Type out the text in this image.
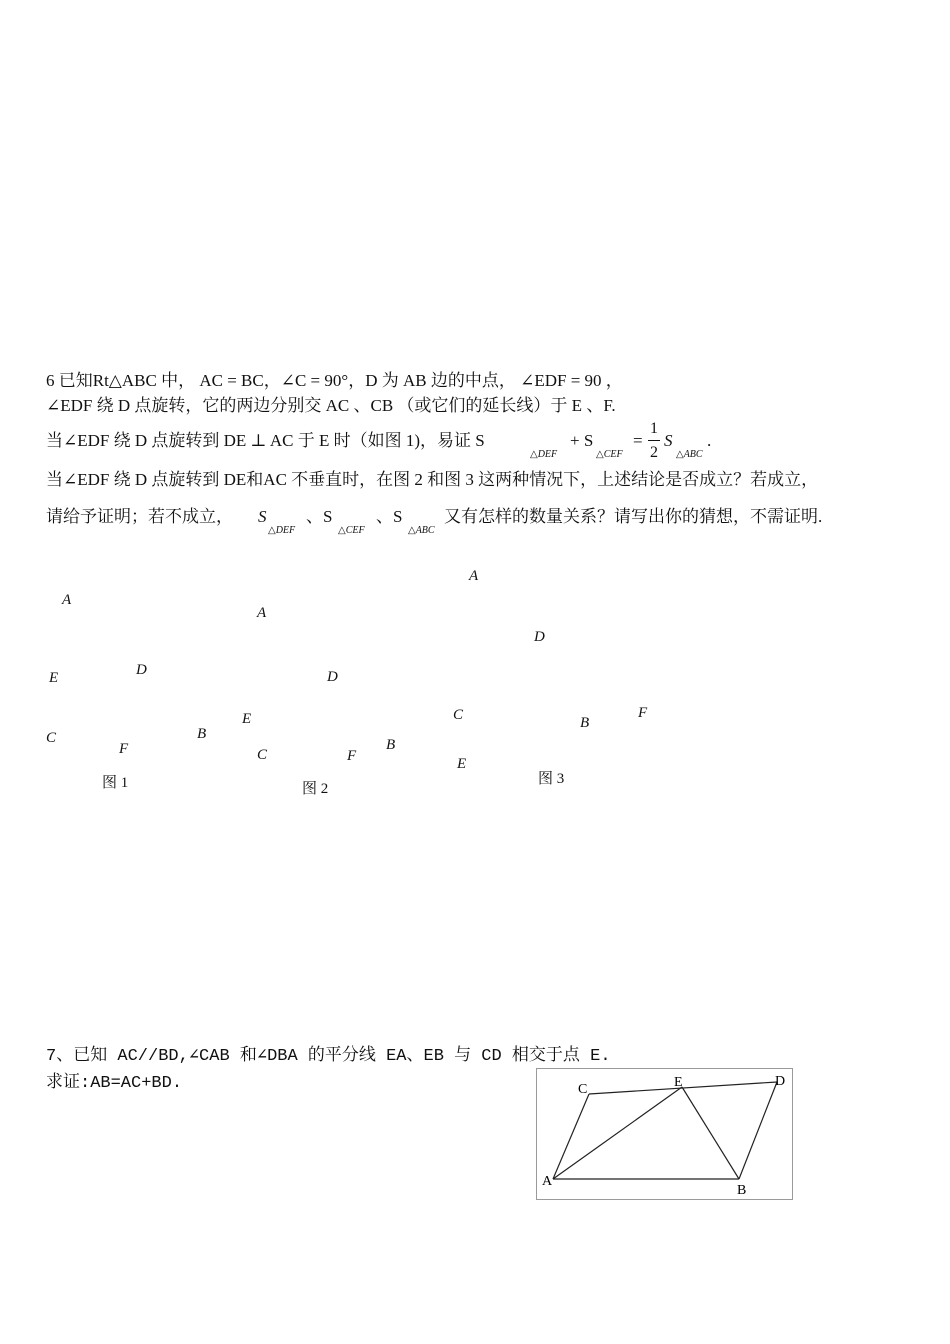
6 已知Rt△ABC 中， AC = BC，∠C = 90°，D 为 AB 边的中点， ∠EDF = 90 ，
∠EDF 绕 D 点旋转，它的两边分别交 AC 、CB （或它们的延长线）于 E 、F.
当∠EDF 绕 D 点旋转到 DE ⊥ AC 于 E 时（如图 1)，易证 S
△DEF
+ S
△CEF
=
1
2
S
△ABC
.
当∠EDF 绕 D 点旋转到 DE和AC 不垂直时，在图 2 和图 3 这两种情况下，上述结论是否成立？若成立，
请给予证明；若不成立， S
△DEF
、S
△CEF
、S
△ABC
又有怎样的数量关系？请写出你的猜想，不需证明.
A
D
E
C
F
B
图 1
A
D
E
C	F
B
图 2
A
D
C	B
F
E
图 3
7、已知 AC//BD,∠CAB 和∠DBA 的平分线 EA、EB 与 CD 相交于点 E.
求证:AB=AC+BD.	C	E	D
A
B
